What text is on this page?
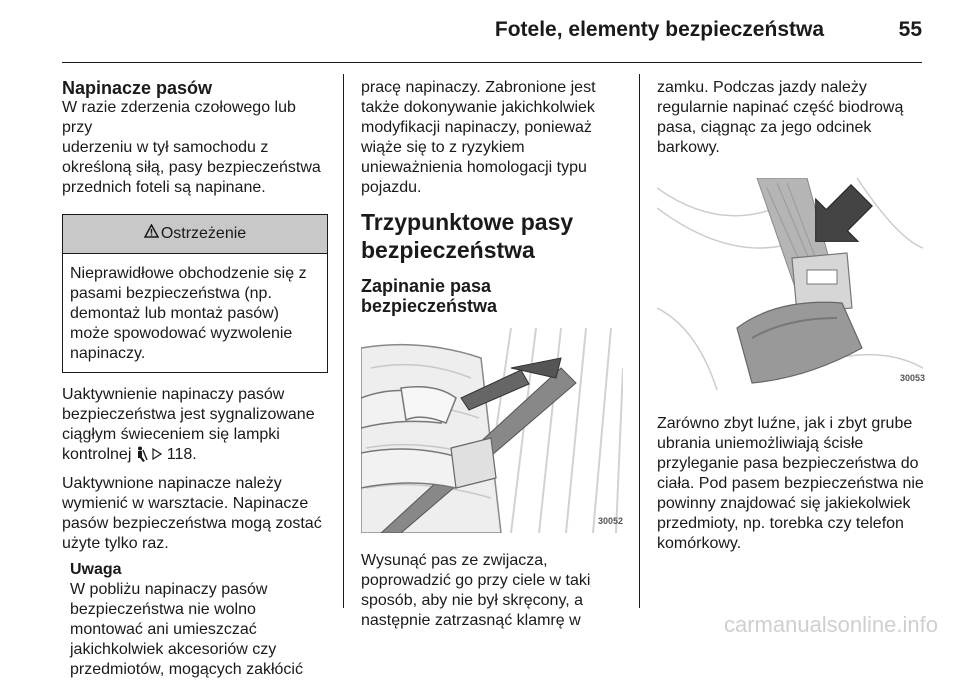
Fotele, elementy bezpieczeństwa	55

Napinacze pasów

W razie zderzenia czołowego lub przy

uderzeniu w tył samochodu z

określoną siłą, pasy bezpieczeństwa

przednich foteli są napinane.

Ostrzeżenie

Nieprawidłowe obchodzenie się z

pasami bezpieczeństwa (np.

demontaż lub montaż pasów)

może spowodować wyzwolenie

napinaczy.

Uaktywnienie napinaczy pasów

bezpieczeństwa jest sygnalizowane

ciągłym świeceniem się lampki

kontrolnej 118.

Uaktywnione napinacze należy

wymienić w warsztacie. Napinacze

pasów bezpieczeństwa mogą zostać

użyte tylko raz.

Uwaga

W pobliżu napinaczy pasów

bezpieczeństwa nie wolno

montować ani umieszczać

jakichkolwiek akcesoriów czy

przedmiotów, mogących zakłócić

pracę napinaczy. Zabronione jest

także dokonywanie jakichkolwiek

modyfikacji napinaczy, ponieważ

wiąże się to z ryzykiem

unieważnienia homologacji typu

pojazdu.

Trzypunktowe pasy

bezpieczeństwa

Zapinanie pasa

bezpieczeństwa

30052

Wysunąć pas ze zwijacza,

poprowadzić go przy ciele w taki

sposób, aby nie był skręcony, a

następnie zatrzasnąć klamrę w

zamku. Podczas jazdy należy

regularnie napinać część biodrową

pasa, ciągnąc za jego odcinek

barkowy.

30053

Zarówno zbyt luźne, jak i zbyt grube

ubrania uniemożliwiają ścisłe

przyleganie pasa bezpieczeństwa do

ciała. Pod pasem bezpieczeństwa nie

powinny znajdować się jakiekolwiek

przedmioty, np. torebka czy telefon

komórkowy.

carmanualsonline.info
